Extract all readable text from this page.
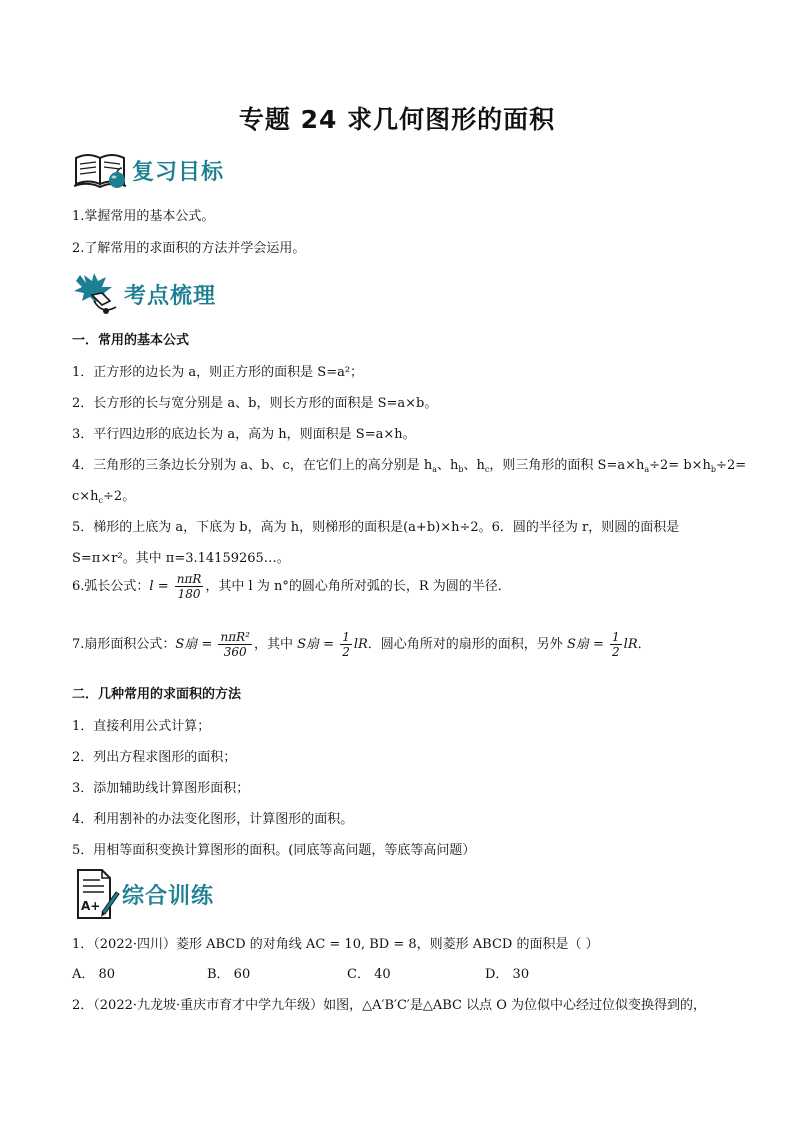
专题 24 求几何图形的面积
复习目标
1.掌握常用的基本公式。
2.了解常用的求面积的方法并学会运用。
考点梳理
一．常用的基本公式
1．正方形的边长为 a，则正方形的面积是 S=a²；
2．长方形的长与宽分别是 a、b，则长方形的面积是 S=a×b。
3．平行四边形的底边长为 a，高为 h，则面积是 S=a×h。
4．三角形的三条边长分别为 a、b、c，在它们上的高分别是 $h_a$、$h_b$、$h_c$，则三角形的面积 $S=a\times h_a\div 2= b\times h_b\div 2=$
$c\times h_c\div 2$。
5．梯形的上底为 a，下底为 b，高为 h，则梯形的面积是(a+b)×h÷2。6．圆的半径为 r，则圆的面积是
S=π×r²。其中 π=3.14159265…。
6.弧长公式：$l = \frac{\text{nπR}}{180}$ ，其中 l 为 n°的圆心角所对弧的长，R 为圆的半径．
7.扇形面积公式：S扇 = $\frac{\text{nπR²}}{360}$ ，其中 S扇 = $\frac{1}{2}$ lR．圆心角所对的扇形的面积，另外 S扇 = $\frac{1}{2}$ lR．
二．几种常用的求面积的方法
1．直接利用公式计算；
2．列出方程求图形的面积；
3．添加辅助线计算图形面积；
4．利用割补的办法变化图形，计算图形的面积。
5．用相等面积变换计算图形的面积。(同底等高问题，等底等高问题）
A+ 综合训练
1．（2022·四川）菱形 ABCD 的对角线 AC = 10, BD = 8，则菱形 ABCD 的面积是（ ）
A． 80	B． 60	C． 40	D． 30
2．（2022·九龙坡·重庆市育才中学九年级）如图，△A′B′C′是△ABC 以点 O 为位似中心经过位似变换得到的，
